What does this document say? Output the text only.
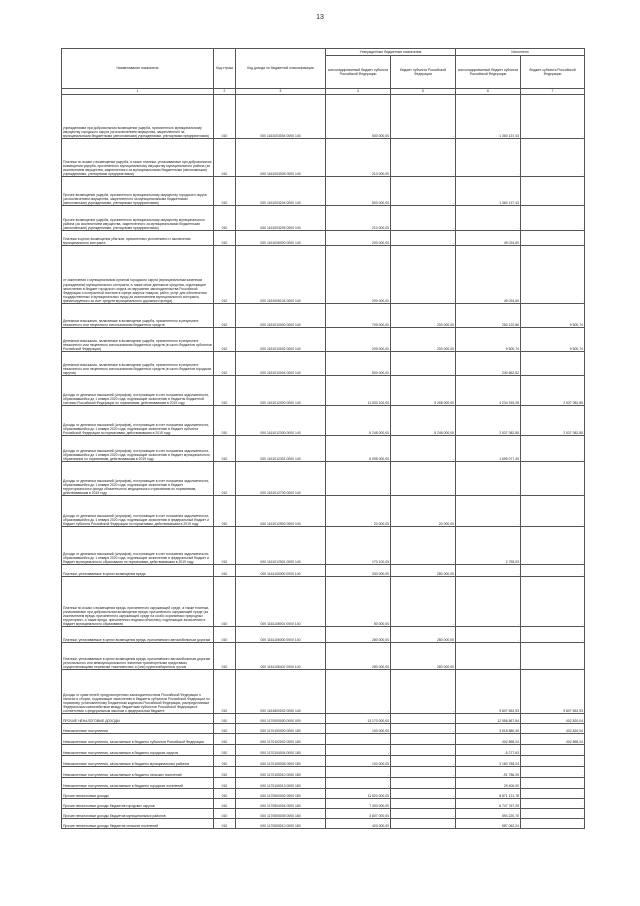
13
Наименование показателя	Код строки	Код дохода по бюджетной классификации	Утвержденные бюджетные назначения		Исполнено	
			консолидированный бюджет субъекта Российской Федерации	бюджет субъекта Российской Федерации	консолидированный бюджет субъекта Российской Федерации	бюджет субъекта Российской Федерации
1	2	3	4	5	6	7
учреждениями при добровольном возмещении ущерба, причиненного муниципальному имуществу городского округа (за исключением имущества, закрепленного за муниципальными бюджетными (автономными) учреждениями, унитарными предприятиями)	010	000 1161003004 0000 140	500 000,00	-	1 360 137,43	-
Платежи по искам о возмещении ущерба, а также платежи, уплачиваемые при добровольном возмещении ущерба, причиненного муниципальному имуществу муниципального района (за исключением имущества, закрепленного за муниципальными бюджетными (автономными) учреждениями, унитарными предприятиями)	010	000 1161003005 0000 140	210 000,00	-	-	-
Прочее возмещение ущерба, причиненного муниципальному имуществу городского округа (за исключением имущества, закрепленного за муниципальными бюджетными (автономными) учреждениями, унитарными предприятиями)	010	000 1161003204 0000 140	500 000,00	-	1 360 137,43	-
Прочее возмещение ущерба, причиненного муниципальному имуществу муниципального района (за исключением имущества, закрепленного за муниципальными бюджетными (автономными) учреждениями, унитарными предприятиями)	010	000 1161003205 0000 140	210 000,00	-	-	-
Платежи в целях возмещения убытков, причиненных уклонением от заключения муниципального контракта	010	000 1161006000 0000 140	200 000,00	-	49 024,60	-
от заключения с муниципальным органом городского округа (муниципальным казенным учреждением) муниципального контракта, а также иные денежные средства, подлежащие зачислению в бюджет городского округа за нарушение законодательства Российской Федерации о контрактной системе в сфере закупок товаров, работ, услуг для обеспечения государственных и муниципальных нужд (за исключением муниципального контракта, финансируемого за счет средств муниципального дорожного фонда)	010	000 1161006104 0000 140	200 000,00	-	49 024,60	-
Денежные взыскания, налагаемые в возмещение ущерба, причиненного в результате незаконного или нецелевого использования бюджетных средств	010	000 1161010000 0000 140	709 000,00	200 000,00	250 122,86	9 500,74
Денежные взыскания, налагаемые в возмещение ущерба, причиненного в результате незаконного или нецелевого использования бюджетных средств (в части бюджетов субъектов Российской Федерации)	010	000 1161010002 0000 140	209 000,00	200 000,00	9 500,74	9 500,74
Денежные взыскания, налагаемые в возмещение ущерба, причиненного в результате незаконного или нецелевого использования бюджетных средств (в части бюджетов городских округов)	010	000 1161010004 0000 140	500 000,00	-	240 562,82	-
Доходы от денежных взысканий (штрафов), поступающие в счет погашения задолженности, образовавшейся до 1 января 2020 года, подлежащие зачислению в бюджеты бюджетной системы Российской Федерации по нормативам, действовавшим в 2019 году	010	000 1161012000 0000 140	11 533 100,00	5 268 000,00	4 234 915,28	2 537 082,85
Доходы от денежных взысканий (штрафов), поступающие в счет погашения задолженности, образовавшейся до 1 января 2020 года, подлежащие зачислению в бюджет субъекта Российской Федерации по нормативам, действовавшим в 2019 году	010	000 1161012300 0000 140	5 248 000,00	5 248 000,00	2 537 082,85	2 537 082,85
Доходы от денежных взысканий (штрафов), поступающие в счет погашения задолженности, образовавшейся до 1 января 2020 года, подлежащие зачислению в бюджет муниципального образования по нормативам, действовавшим в 2019 году	010	000 1161012301 0000 140	6 095 000,00	-	1 695 077,40	-
Доходы от денежных взысканий (штрафов), поступающие в счет погашения задолженности, образовавшейся до 1 января 2020 года, подлежащие зачислению в бюджет территориального фонда обязательного медицинского страхования по нормативам, действовавшим в 2019 году	010	000 1161012700 0000 140	-	-	-	-
Доходы от денежных взысканий (штрафов), поступающие в счет погашения задолженности, образовавшейся до 1 января 2020 года, подлежащие зачислению в федеральный бюджет и бюджет субъекта Российской Федерации по нормативам, действовавшим в 2019 году	010	000 1161012900 0000 140	20 000,00	20 000,00	-	-
Доходы от денежных взысканий (штрафов), поступающие в счет погашения задолженности, образовавшейся до 1 января 2020 года, подлежащие зачислению в федеральный бюджет и бюджет муниципального образования по нормативам, действовавшим в 2019 году	010	000 1161012901 0000 140	170 100,00	-	2 755,03	-
Платежи, уплачиваемые в целях возмещения вреда	010	000 1161100000 0000 140	330 000,00	280 000,00	-	-
Платежи по искам о возмещении вреда, причиненного окружающей среде, а также платежи, уплачиваемые при добровольном возмещении вреда, причиненного окружающей среде (за исключением вреда, причиненного окружающей среде на особо охраняемых природных территориях, а также вреда, причиненного водным объектам), подлежащие зачислению в бюджет муниципального образования	010	000 1161105001 0000 140	50 000,00	-	-	-
Платежи, уплачиваемые в целях возмещения вреда, причиняемого автомобильным дорогам	010	000 1161106000 0000 140	280 000,00	280 000,00	-	-
Платежи, уплачиваемые в целях возмещения вреда, причиняемого автомобильным дорогам регионального или межмуниципального значения транспортными средствами, осуществляющими перевозки тяжеловесных и (или) крупногабаритных грузов	010	000 1161106402 0000 140	280 000,00	280 000,00	-	-
Доходы от сумм пеней, предусмотренных законодательством Российской Федерации о налогах и сборах, подлежащие зачислению в бюджеты субъектов Российской Федерации по нормативу, установленному Бюджетным кодексом Российской Федерации, распределяемые Федеральным казначейством между бюджетами субъектов Российской Федерации в соответствии с федеральным законом о федеральном бюджете	010	000 1161800002 0000 140	-	-	9 807 652,93	9 807 652,93
ПРОЧИЕ НЕНАЛОГОВЫЕ ДОХОДЫ	010	000 1170000000 0000 000	13 170 000,00	-	12 556 867,84	402 820,04
Невыясненные поступления	010	000 1170100000 0000 180	100 000,00	-	3 518 880,40	402 820,04
Невыясненные поступления, зачисляемые в бюджеты субъектов Российской Федерации	010	000 1170102002 0000 180	-	-	402 868,24	402 868,24
Невыясненные поступления, зачисляемые в бюджеты городских округов	010	000 1170104004 0000 180	-	-	-5 277,63	-
Невыясненные поступления, зачисляемые в бюджеты муниципальных районов	010	000 1170105005 0000 180	100 000,00	-	3 160 785,24	-
Невыясненные поступления, зачисляемые в бюджеты сельских поселений	010	000 1170105010 0000 180	-	-	-91 786,25	-
Невыясненные поступления, зачисляемые в бюджеты городских поселений	010	000 1170105013 0000 180	-	-	29 400,00	-
Прочие неналоговые доходы	010	000 1170500000 0000 180	11 520 000,00	-	8 871 121,78	-
Прочие неналоговые доходы бюджетов городских округов	010	000 1170504004 0000 180	7 300 000,00	-	6 747 767,25	-
Прочие неналоговые доходы бюджетов муниципальных районов	010	000 1170505005 0000 180	3 807 000,00	-	594 220,70	-
Прочие неналоговые доходы бюджетов сельских поселений	010	000 1170505010 0000 180	420 000,00	-	587 062,24	-
